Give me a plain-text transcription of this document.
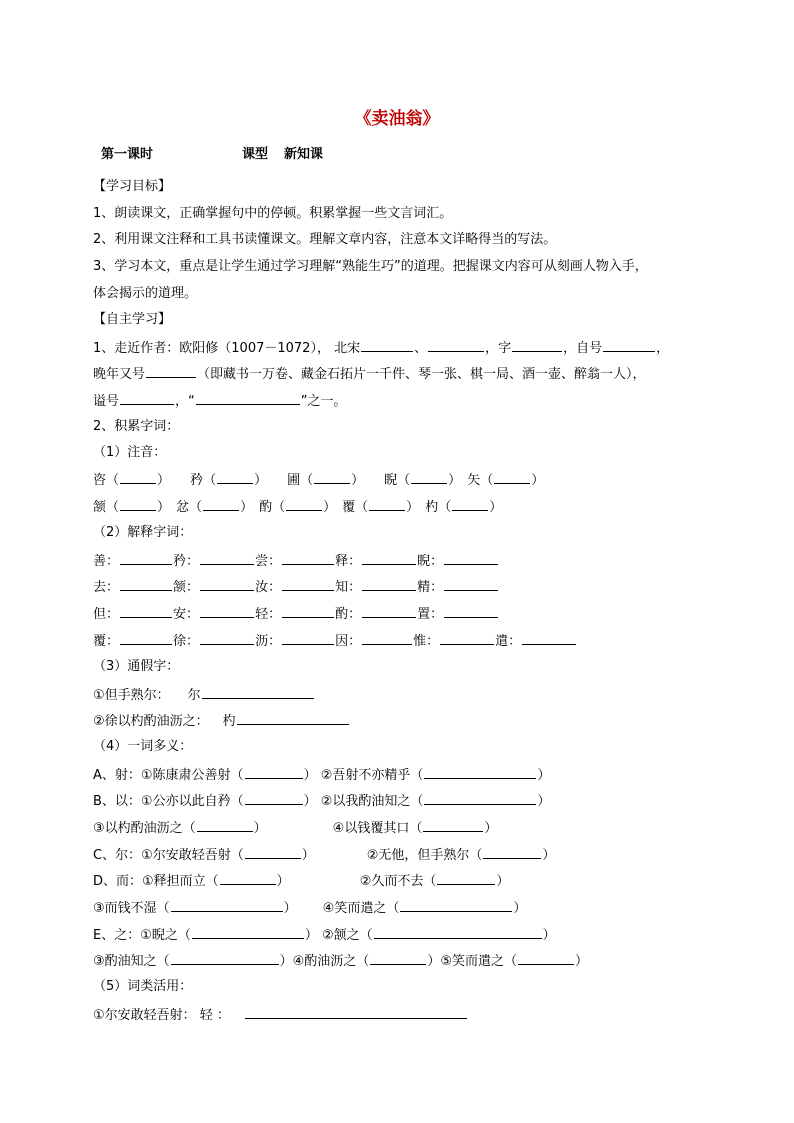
《卖油翁》
第一课时	课型 新知课
【学习目标】
1、朗读课文，正确掌握句中的停顿。积累掌握一些文言词汇。
2、利用课文注释和工具书读懂课文。理解文章内容，注意本文详略得当的写法。
3、学习本文，重点是让学生通过学习理解“熟能生巧”的道理。把握课文内容可从刻画人物入手，
体会揭示的道理。
【自主学习】
1、走近作者：欧阳修（1007－1072）， 北宋	、	，字	，自号	，
晚年又号	（即藏书一万卷、藏金石拓片一千件、琴一张、棋一局、酒一壶、醉翁一人），
谥号	，“	”之一。
2、积累字词：
（1）注音：
咨（	） 矜（	） 圃（	） 睨（	） 矢（	）
颔（	） 忿（	） 酌（	） 覆（	） 杓（	）
（2）解释字词：
善：	矜：	尝：	释：	睨：
去：	颔：	汝：	知：	精：
但：	安：	轻：	酌：	置：
覆：	徐：	沥：	因：	惟：	遣：
（3）通假字：
①但手熟尔： 尔
②徐以杓酌油沥之： 杓
（4）一词多义：
A、射：①陈康肃公善射（	） ②吾射不亦精乎（	）
B、以：①公亦以此自矜（	） ②以我酌油知之（	）
③以杓酌油沥之（	）	④以钱覆其口（	）
C、尔：①尔安敢轻吾射（	）	②无他，但手熟尔（	）
D、而：①释担而立（	）	②久而不去（	）
③而钱不湿（	） ④笑而遣之（	）
E、之：①睨之（	） ②颔之（	）
③酌油知之（	）④酌油沥之（	）⑤笑而遣之（	）
（5）词类活用：
①尔安敢轻吾射： 轻 ：
